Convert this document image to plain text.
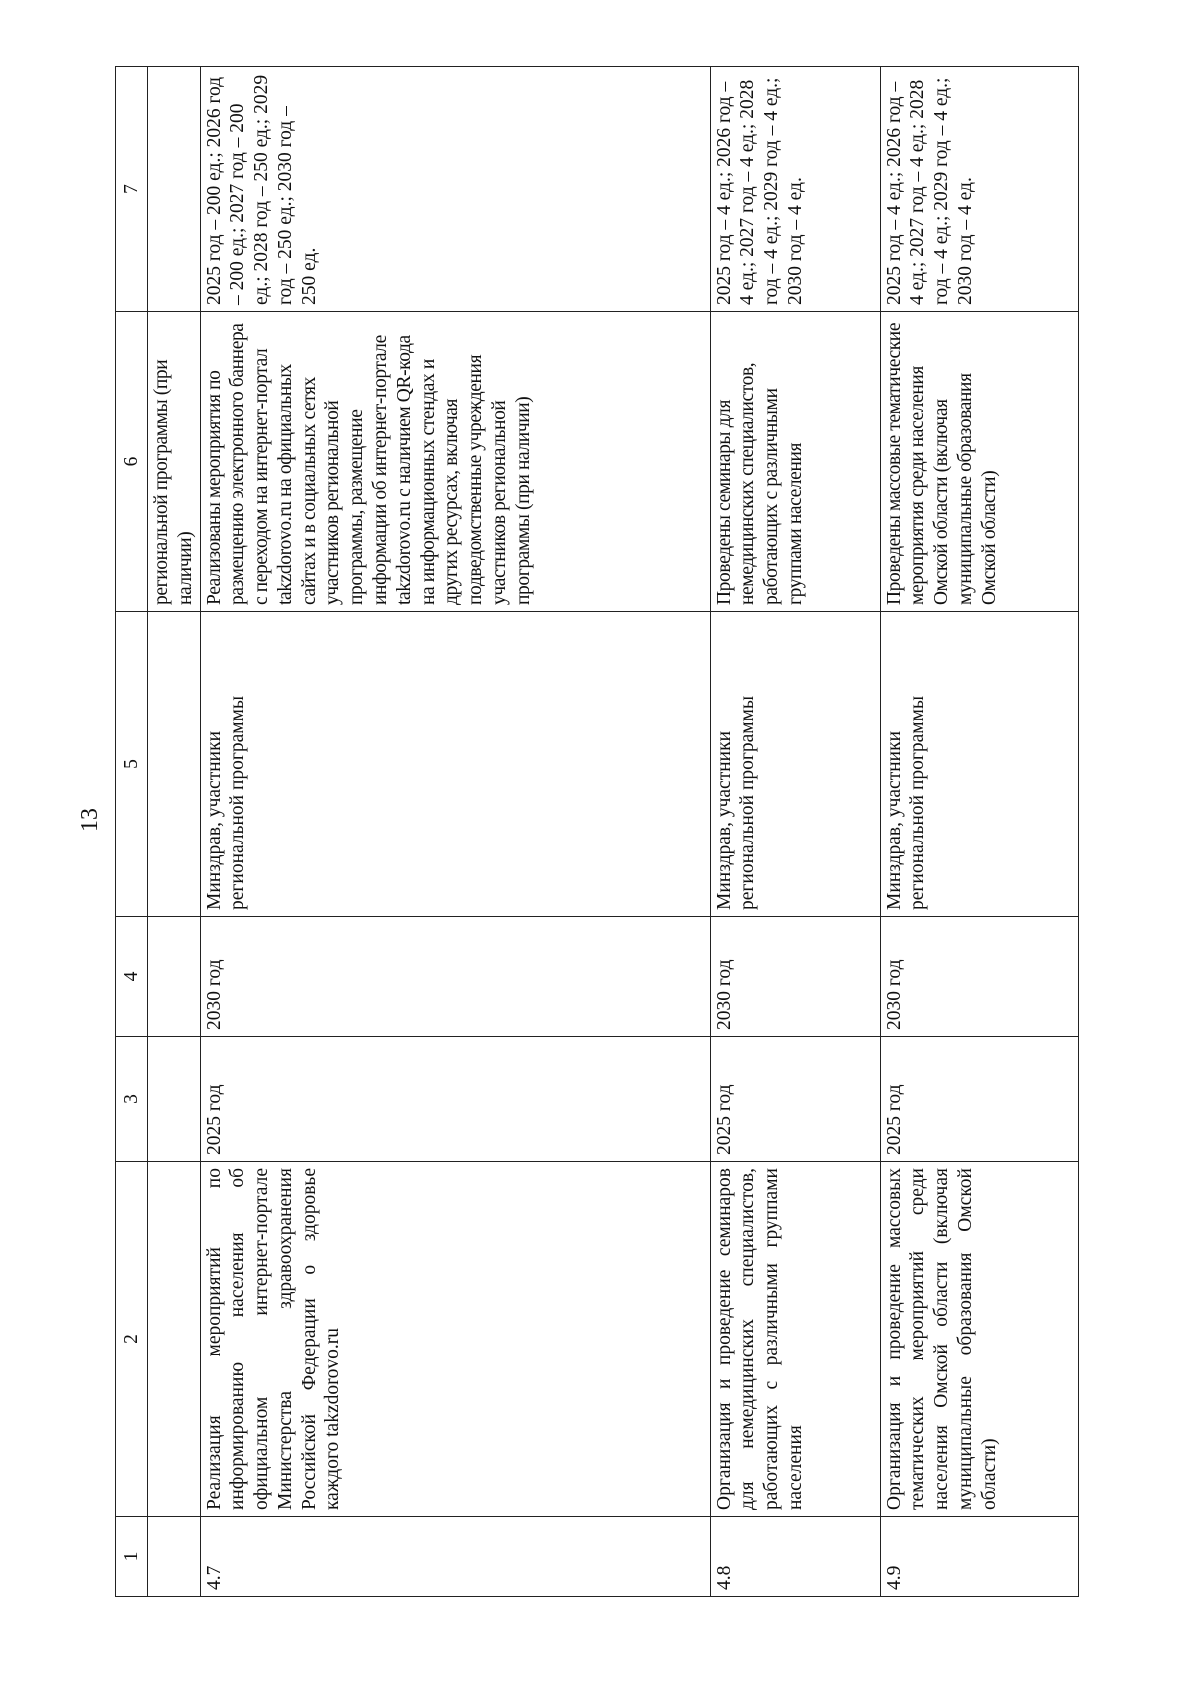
13
1	2	3	4	5	6	7
					региональной программы (при наличии)	
4.7	Реализация мероприятий по информированию населения об официальном интернет-портале Министерства здравоохранения Российской Федерации о здоровье каждого takzdorovo.ru	2025 год	2030 год	Минздрав, участники региональной программы	Реализованы мероприятия по размещению электронного баннера с переходом на интернет-портал takzdorovo.ru на официальных сайтах и в социальных сетях участников региональной программы, размещение информации об интернет-портале takzdorovo.ru с наличием QR-кода на информационных стендах и других ресурсах, включая подведомственные учреждения участников региональной программы (при наличии)	2025 год – 200 ед.; 2026 год – 200 ед.; 2027 год – 200 ед.; 2028 год – 250 ед.; 2029 год – 250 ед.; 2030 год – 250 ед.
4.8	Организация и проведение семинаров для немедицинских специалистов, работающих с различными группами населения	2025 год	2030 год	Минздрав, участники региональной программы	Проведены семинары для немедицинских специалистов, работающих с различными группами населения	2025 год – 4 ед.; 2026 год – 4 ед.; 2027 год – 4 ед.; 2028 год – 4 ед.; 2029 год – 4 ед.; 2030 год – 4 ед.
4.9	Организация и проведение массовых тематических мероприятий среди населения Омской области (включая муниципальные образования Омской области)	2025 год	2030 год	Минздрав, участники региональной программы	Проведены массовые тематические мероприятия среди населения Омской области (включая муниципальные образования Омской области)	2025 год – 4 ед.; 2026 год – 4 ед.; 2027 год – 4 ед.; 2028 год – 4 ед.; 2029 год – 4 ед.; 2030 год – 4 ед.
